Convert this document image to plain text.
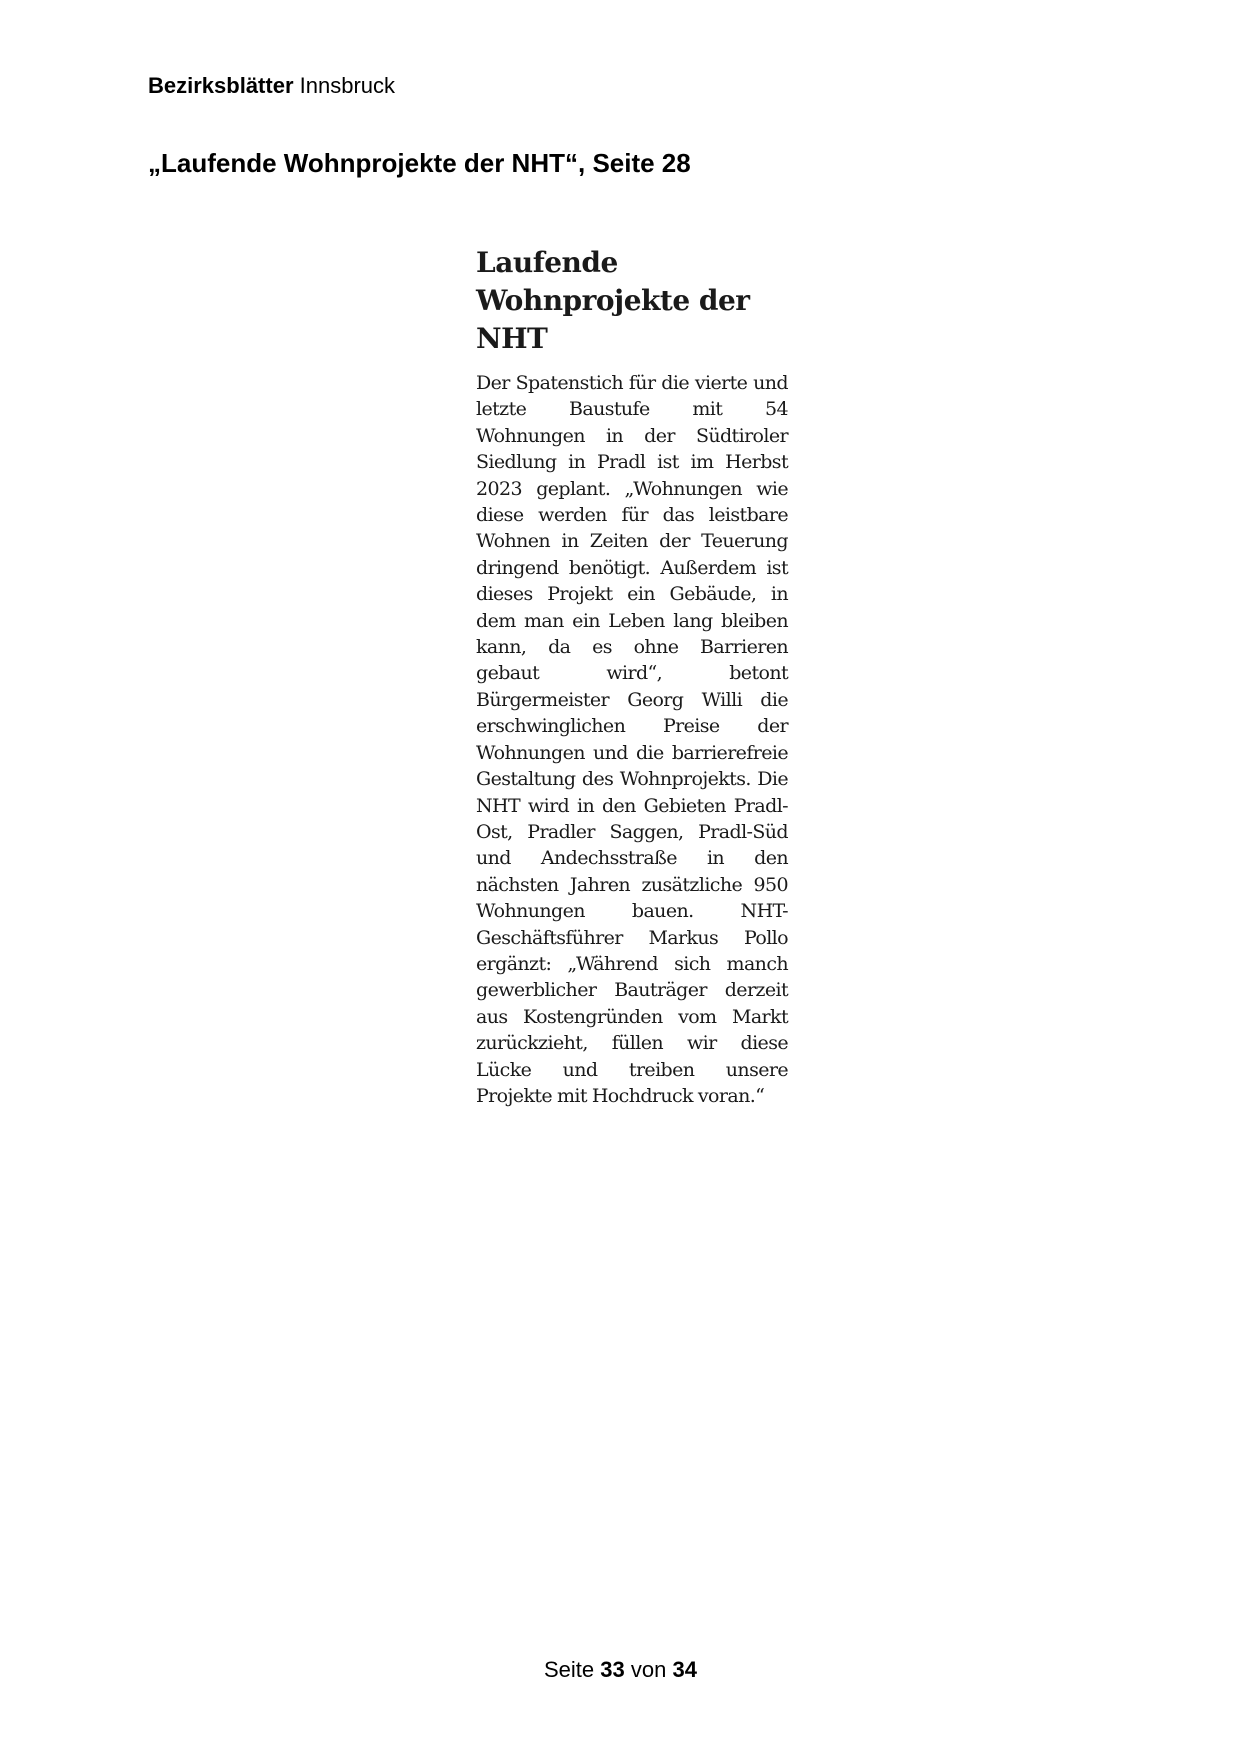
Bezirksblätter Innsbruck
„Laufende Wohnprojekte der NHT“, Seite 28
Laufende Wohnprojekte der NHT

Der Spatenstich für die vierte und letzte Baustufe mit 54 Wohnungen in der Südtiroler Siedlung in Pradl ist im Herbst 2023 geplant. „Wohnungen wie diese werden für das leistbare Wohnen in Zeiten der Teuerung dringend benötigt. Außerdem ist dieses Projekt ein Gebäude, in dem man ein Leben lang bleiben kann, da es ohne Barrieren gebaut wird“, betont Bürgermeister Georg Willi die erschwinglichen Preise der Wohnungen und die barrierefreie Gestaltung des Wohnprojekts. Die NHT wird in den Gebieten Pradl-Ost, Pradler Saggen, Pradl-Süd und Andechsstraße in den nächsten Jahren zusätzliche 950 Wohnungen bauen. NHT-Geschäftsführer Markus Pollo ergänzt: „Während sich manch gewerblicher Bauträger derzeit aus Kostengründen vom Markt zurückzieht, füllen wir diese Lücke und treiben unsere Projekte mit Hochdruck voran.“

Seite 33 von 34
